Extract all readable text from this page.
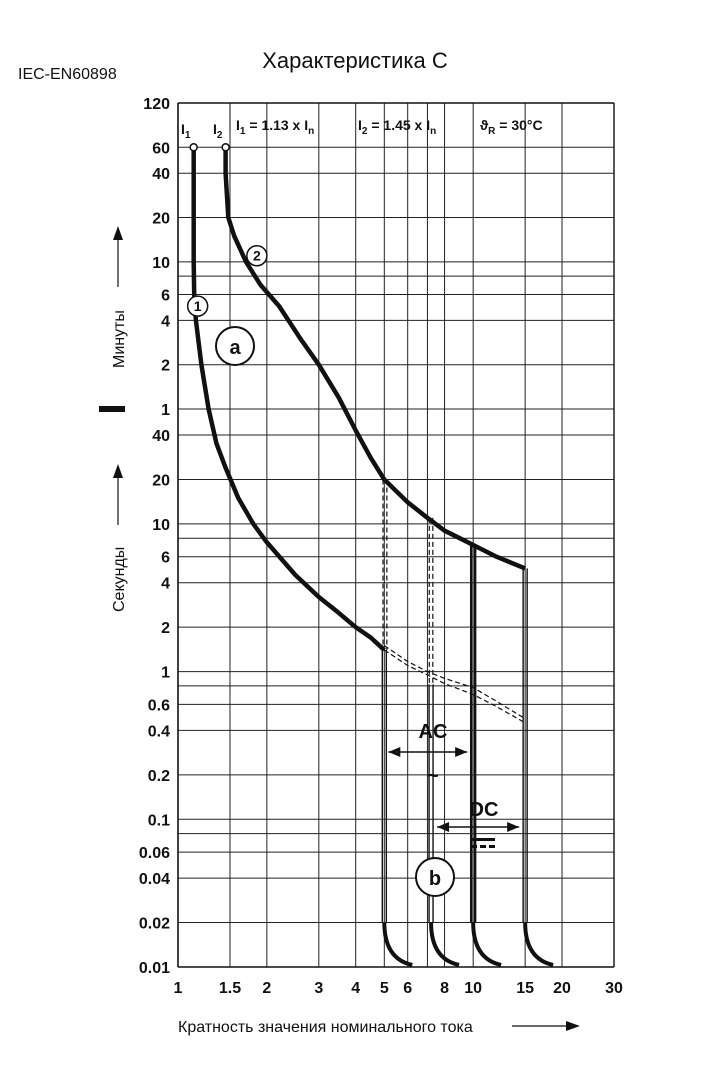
Характеристика C
IEC-EN60898
1 1.5 2	3 4 5 6 8 10 15 20 30
120
60
40
20
10
6
4
2
1
40
20
10
6
4
2
1
0.6
0.4
0.2
0.1
0.06
0.04
0.02
0.01
Кратность значения номинального тока
Минуты
Секунды
$I_1$ $I_2$
$I_1 = 1.13$ x $I_n$	$I_2 = 1.45$ x $I_n$	$ϑ_R = 30^\circ C$
1
2
a
b
AC
~
DC
